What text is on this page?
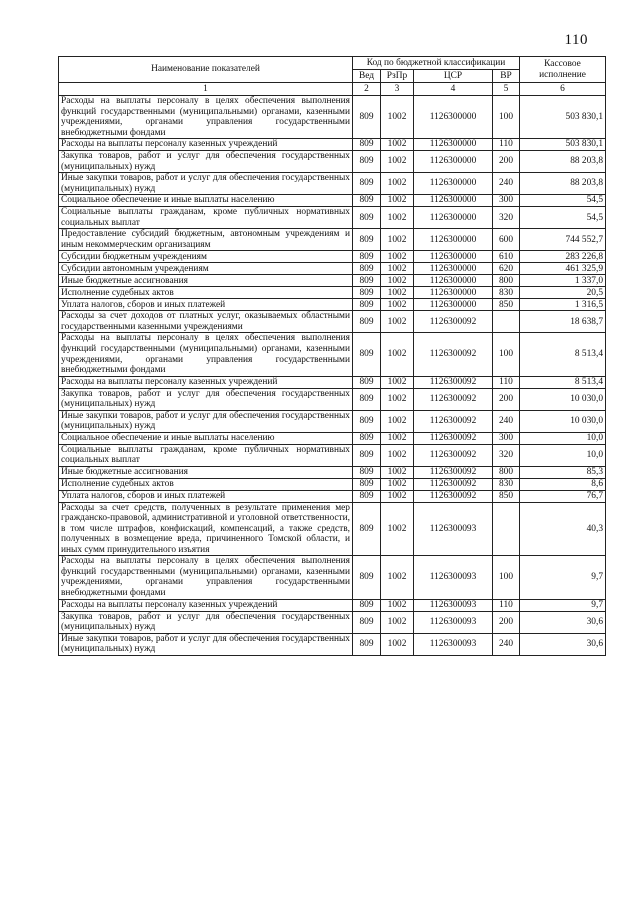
110
Наименование показателей	Код по бюджетной классификации				Кассовое исполнение
	Вед	РзПр	ЦСР	ВР	
1	2	3	4	5	6
Расходы на выплаты персоналу в целях обеспечения выполнения функций государственными (муниципальными) органами, казенными учреждениями, органами управления государственными внебюджетными фондами	809	1002	1126300000	100	503 830,1
Расходы на выплаты персоналу казенных учреждений	809	1002	1126300000	110	503 830,1
Закупка товаров, работ и услуг для обеспечения государственных (муниципальных) нужд	809	1002	1126300000	200	88 203,8
Иные закупки товаров, работ и услуг для обеспечения государственных (муниципальных) нужд	809	1002	1126300000	240	88 203,8
Социальное обеспечение и иные выплаты населению	809	1002	1126300000	300	54,5
Социальные выплаты гражданам, кроме публичных нормативных социальных выплат	809	1002	1126300000	320	54,5
Предоставление субсидий бюджетным, автономным учреждениям и иным некоммерческим организациям	809	1002	1126300000	600	744 552,7
Субсидии бюджетным учреждениям	809	1002	1126300000	610	283 226,8
Субсидии автономным учреждениям	809	1002	1126300000	620	461 325,9
Иные бюджетные ассигнования	809	1002	1126300000	800	1 337,0
Исполнение судебных актов	809	1002	1126300000	830	20,5
Уплата налогов, сборов и иных платежей	809	1002	1126300000	850	1 316,5
Расходы за счет доходов от платных услуг, оказываемых областными государственными казенными учреждениями	809	1002	1126300092		18 638,7
Расходы на выплаты персоналу в целях обеспечения выполнения функций государственными (муниципальными) органами, казенными учреждениями, органами управления государственными внебюджетными фондами	809	1002	1126300092	100	8 513,4
Расходы на выплаты персоналу казенных учреждений	809	1002	1126300092	110	8 513,4
Закупка товаров, работ и услуг для обеспечения государственных (муниципальных) нужд	809	1002	1126300092	200	10 030,0
Иные закупки товаров, работ и услуг для обеспечения государственных (муниципальных) нужд	809	1002	1126300092	240	10 030,0
Социальное обеспечение и иные выплаты населению	809	1002	1126300092	300	10,0
Социальные выплаты гражданам, кроме публичных нормативных социальных выплат	809	1002	1126300092	320	10,0
Иные бюджетные ассигнования	809	1002	1126300092	800	85,3
Исполнение судебных актов	809	1002	1126300092	830	8,6
Уплата налогов, сборов и иных платежей	809	1002	1126300092	850	76,7
Расходы за счет средств, полученных в результате применения мер гражданско-правовой, административной и уголовной ответственности, в том числе штрафов, конфискаций, компенсаций, а также средств, полученных в возмещение вреда, причиненного Томской области, и иных сумм принудительного изъятия	809	1002	1126300093		40,3
Расходы на выплаты персоналу в целях обеспечения выполнения функций государственными (муниципальными) органами, казенными учреждениями, органами управления государственными внебюджетными фондами	809	1002	1126300093	100	9,7
Расходы на выплаты персоналу казенных учреждений	809	1002	1126300093	110	9,7
Закупка товаров, работ и услуг для обеспечения государственных (муниципальных) нужд	809	1002	1126300093	200	30,6
Иные закупки товаров, работ и услуг для обеспечения государственных (муниципальных) нужд	809	1002	1126300093	240	30,6
